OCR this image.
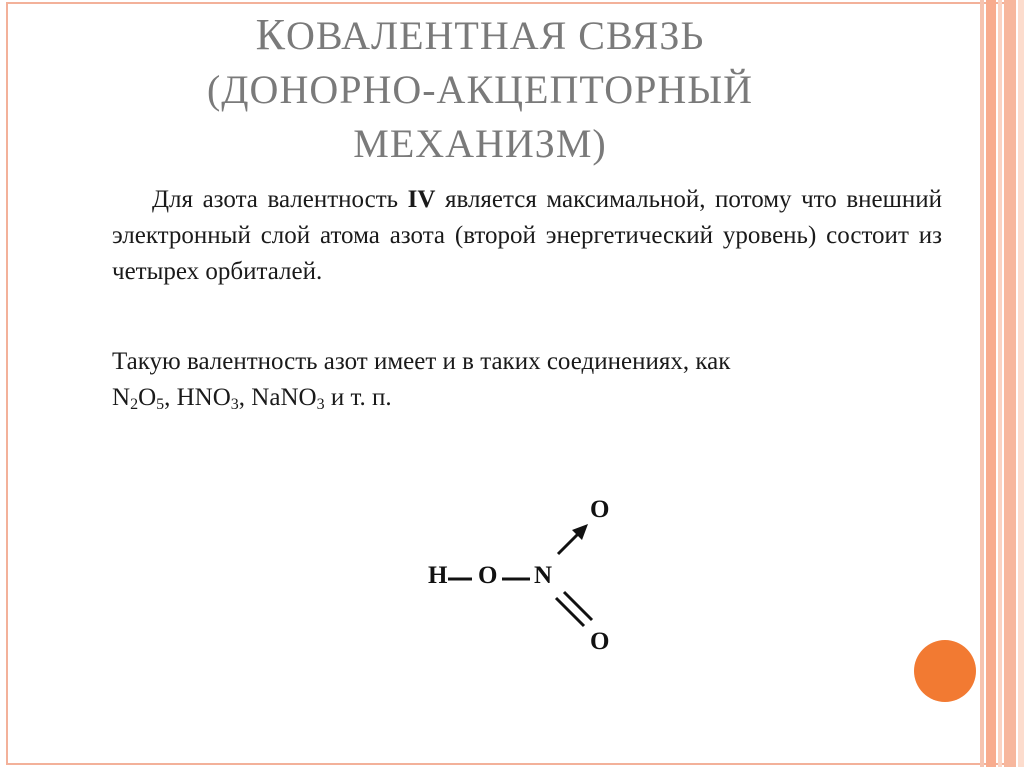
КОВАЛЕНТНАЯ СВЯЗЬ
(ДОНОРНО-АКЦЕПТОРНЫЙ
МЕХАНИЗМ)

Для азота валентность IV является максимальной, потому что внешний электронный слой атома азота (второй энергетический уровень) состоит из четырех орбиталей.

Такую валентность азот имеет и в таких соединениях, как
$N_2O_5$, $HNO_3$, NaNO$_3$ и т. п.

H O N
O
O
